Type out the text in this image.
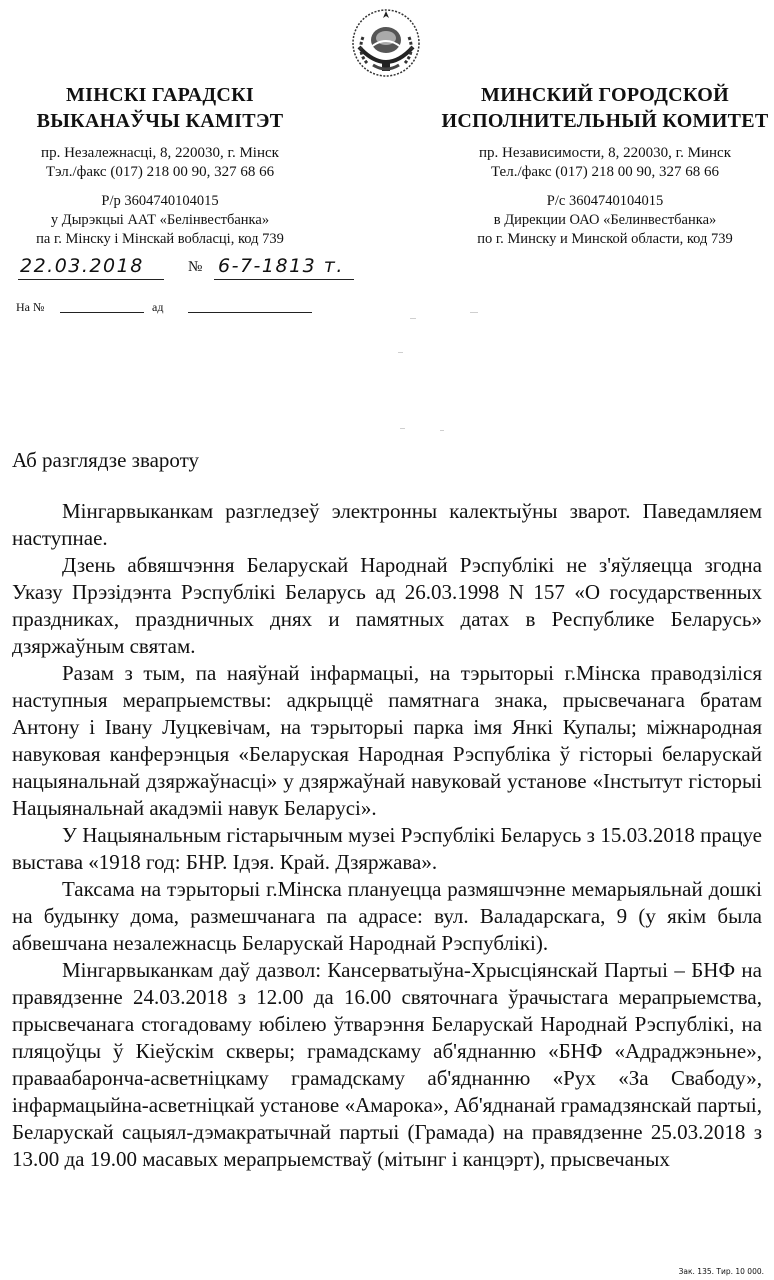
МІНСКІ ГАРАДСКІ
ВЫКАНАЎЧЫ КАМІТЭТ
пр. Незалежнасці, 8, 220030, г. Мінск
Тэл./факс (017) 218 00 90, 327 68 66
Р/р 3604740104015
у Дырэкцыі ААТ «Белінвестбанка»
па г. Мінску і Мінскай вобласці, код 739
МИНСКИЙ ГОРОДСКОЙ
ИСПОЛНИТЕЛЬНЫЙ КОМИТЕТ
пр. Независимости, 8, 220030, г. Минск
Тел./факс (017) 218 00 90, 327 68 66
Р/с 3604740104015
в Дирекции ОАО «Белинвестбанка»
по г. Минску и Минской области, код 739
22.03.2018	№ 6-7-1813 т.
На №	ад
Аб разглядзе звароту

Мінгарвыканкам разгледзеў электронны калектыўны зварот. Паведамляем наступнае.

Дзень абвяшчэння Беларускай Народнай Рэспублікі не з'яўляецца згодна Указу Прэзідэнта Рэспублікі Беларусь ад 26.03.1998 N 157 «О государственных праздниках, праздничных днях и памятных датах в Республике Беларусь» дзяржаўным святам.

Разам з тым, па наяўнай інфармацыі, на тэрыторыі г.Мінска праводзіліся наступныя мерапрыемствы: адкрыццё памятнага знака, прысвечанага братам Антону і Івану Луцкевічам, на тэрыторыі парка імя Янкі Купалы; міжнародная навуковая канферэнцыя «Беларуская Народная Рэспубліка ў гісторыі беларускай нацыянальнай дзяржаўнасці» у дзяржаўнай навуковай установе «Інстытут гісторыі Нацыянальнай акадэміі навук Беларусі».

У Нацыянальным гістарычным музеі Рэспублікі Беларусь з 15.03.2018 працуе выстава «1918 год: БНР. Ідэя. Край. Дзяржава».

Таксама на тэрыторыі г.Мінска плануецца размяшчэнне мемарыяльнай дошкі на будынку дома, размешчанага па адрасе: вул. Валадарскага, 9 (у якім была абвешчана незалежнасць Беларускай Народнай Рэспублікі).

Мінгарвыканкам даў дазвол: Кансерватыўна-Хрысціянскай Партыі – БНФ на правядзенне 24.03.2018 з 12.00 да 16.00 святочнага ўрачыстага мерапрыемства, прысвечанага стогадоваму юбілею ўтварэння Беларускай Народнай Рэспублікі, на пляцоўцы ў Кіеўскім скверы; грамадскаму аб'яднанню «БНФ «Адраджэньне», праваабаронча-асветніцкаму грамадскаму аб'яднанню «Рух «За Свабоду», інфармацыйна-асветніцкай установе «Амарока», Аб'яднанай грамадзянскай партыі, Беларускай сацыял-дэмакратычнай партыі (Грамада) на правядзенне 25.03.2018 з 13.00 да 19.00 масавых мерапрыемстваў (мітынг і канцэрт), прысвечаных

Зак. 135. Тир. 10 000.
